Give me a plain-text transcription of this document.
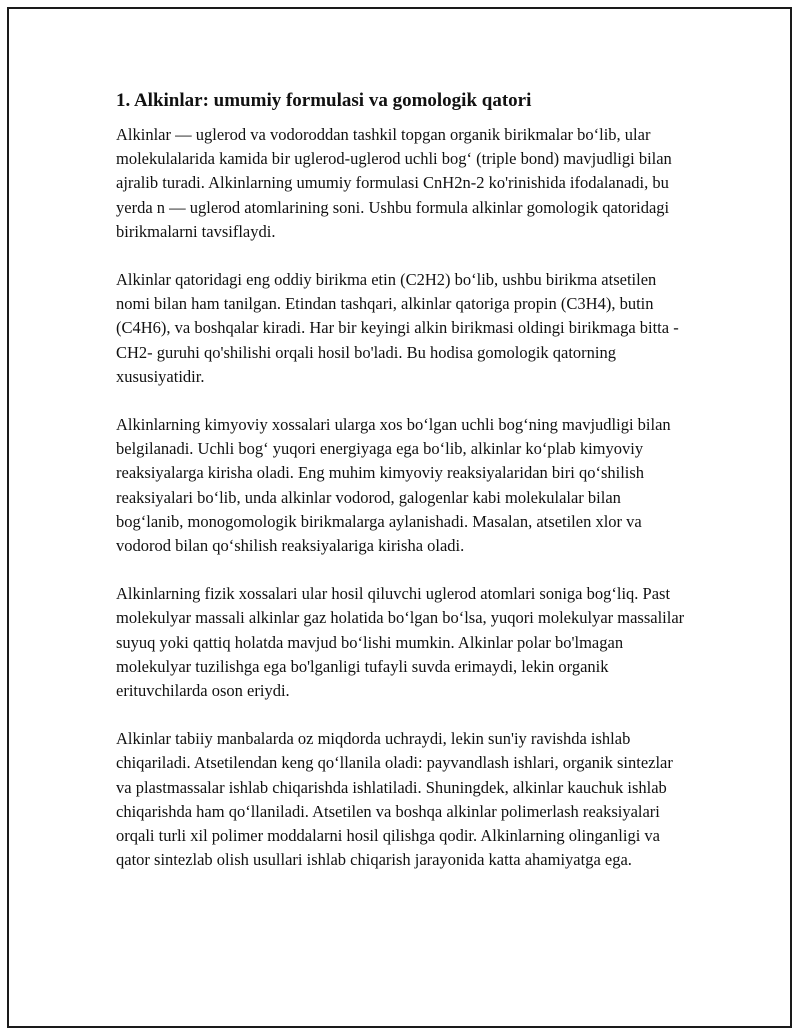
1. Alkinlar: umumiy formulasi va gomologik qatori

Alkinlar — uglerod va vodoroddan tashkil topgan organik birikmalar bo‘lib, ular molekulalarida kamida bir uglerod-uglerod uchli bog‘ (triple bond) mavjudligi bilan ajralib turadi. Alkinlarning umumiy formulasi CnH2n-2 ko'rinishida ifodalanadi, bu yerda n — uglerod atomlarining soni. Ushbu formula alkinlar gomologik qatoridagi birikmalarni tavsiflaydi.

Alkinlar qatoridagi eng oddiy birikma etin (C2H2) bo‘lib, ushbu birikma atsetilen nomi bilan ham tanilgan. Etindan tashqari, alkinlar qatoriga propin (C3H4), butin (C4H6), va boshqalar kiradi. Har bir keyingi alkin birikmasi oldingi birikmaga bitta -CH2- guruhi qo'shilishi orqali hosil bo'ladi. Bu hodisa gomologik qatorning xususiyatidir.

Alkinlarning kimyoviy xossalari ularga xos bo‘lgan uchli bog‘ning mavjudligi bilan belgilanadi. Uchli bog‘ yuqori energiyaga ega bo‘lib, alkinlar ko‘plab kimyoviy reaksiyalarga kirisha oladi. Eng muhim kimyoviy reaksiyalaridan biri qo‘shilish reaksiyalari bo‘lib, unda alkinlar vodorod, galogenlar kabi molekulalar bilan bog‘lanib, monogomologik birikmalarga aylanishadi. Masalan, atsetilen xlor va vodorod bilan qo‘shilish reaksiyalariga kirisha oladi.

Alkinlarning fizik xossalari ular hosil qiluvchi uglerod atomlari soniga bog‘liq. Past molekulyar massali alkinlar gaz holatida bo‘lgan bo‘lsa, yuqori molekulyar massalilar suyuq yoki qattiq holatda mavjud bo‘lishi mumkin. Alkinlar polar bo'lmagan molekulyar tuzilishga ega bo'lganligi tufayli suvda erimaydi, lekin organik erituvchilarda oson eriydi.

Alkinlar tabiiy manbalarda oz miqdorda uchraydi, lekin sun'iy ravishda ishlab chiqariladi. Atsetilendan keng qo‘llanila oladi: payvandlash ishlari, organik sintezlar va plastmassalar ishlab chiqarishda ishlatiladi. Shuningdek, alkinlar kauchuk ishlab chiqarishda ham qo‘llaniladi. Atsetilen va boshqa alkinlar polimerlash reaksiyalari orqali turli xil polimer moddalarni hosil qilishga qodir. Alkinlarning olinganligi va qator sintezlab olish usullari ishlab chiqarish jarayonida katta ahamiyatga ega.
